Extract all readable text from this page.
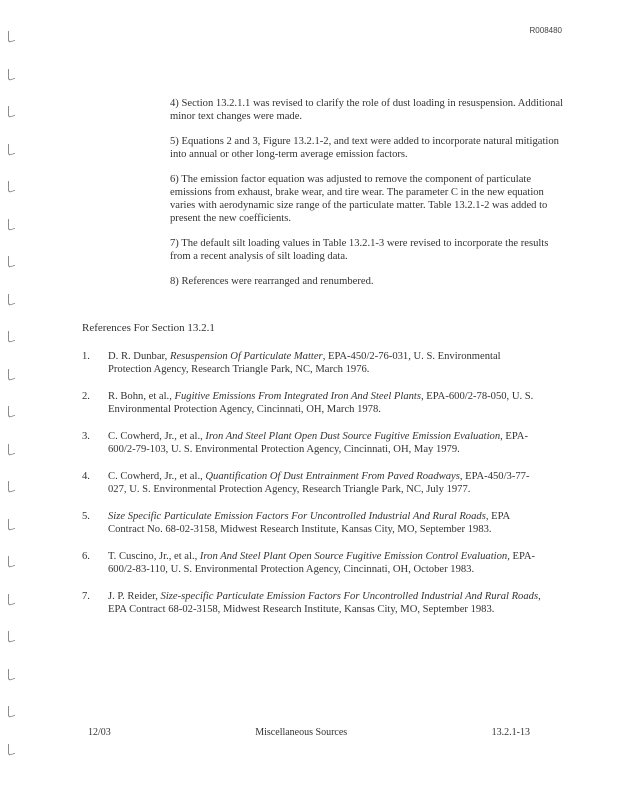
R008480

4) Section 13.2.1.1 was revised to clarify the role of dust loading in resuspension. Additional minor text changes were made.

5) Equations 2 and 3, Figure 13.2.1-2, and text were added to incorporate natural mitigation into annual or other long-term average emission factors.

6) The emission factor equation was adjusted to remove the component of particulate emissions from exhaust, brake wear, and tire wear. The parameter C in the new equation varies with aerodynamic size range of the particulate matter. Table 13.2.1-2 was added to present the new coefficients.

7) The default silt loading values in Table 13.2.1-3 were revised to incorporate the results from a recent analysis of silt loading data.

8) References were rearranged and renumbered.

References For Section 13.2.1
1.	D. R. Dunbar, Resuspension Of Particulate Matter, EPA-450/2-76-031, U. S. Environmental Protection Agency, Research Triangle Park, NC, March 1976.
2.	R. Bohn, et al., Fugitive Emissions From Integrated Iron And Steel Plants, EPA-600/2-78-050, U. S. Environmental Protection Agency, Cincinnati, OH, March 1978.
3.	C. Cowherd, Jr., et al., Iron And Steel Plant Open Dust Source Fugitive Emission Evaluation, EPA-600/2-79-103, U. S. Environmental Protection Agency, Cincinnati, OH, May 1979.
4.	C. Cowherd, Jr., et al., Quantification Of Dust Entrainment From Paved Roadways, EPA-450/3-77-027, U. S. Environmental Protection Agency, Research Triangle Park, NC, July 1977.
5.	Size Specific Particulate Emission Factors For Uncontrolled Industrial And Rural Roads, EPA Contract No. 68-02-3158, Midwest Research Institute, Kansas City, MO, September 1983.
6.	T. Cuscino, Jr., et al., Iron And Steel Plant Open Source Fugitive Emission Control Evaluation, EPA-600/2-83-110, U. S. Environmental Protection Agency, Cincinnati, OH, October 1983.
7.	J. P. Reider, Size-specific Particulate Emission Factors For Uncontrolled Industrial And Rural Roads, EPA Contract 68-02-3158, Midwest Research Institute, Kansas City, MO, September 1983.
12/03	Miscellaneous Sources	13.2.1-13
